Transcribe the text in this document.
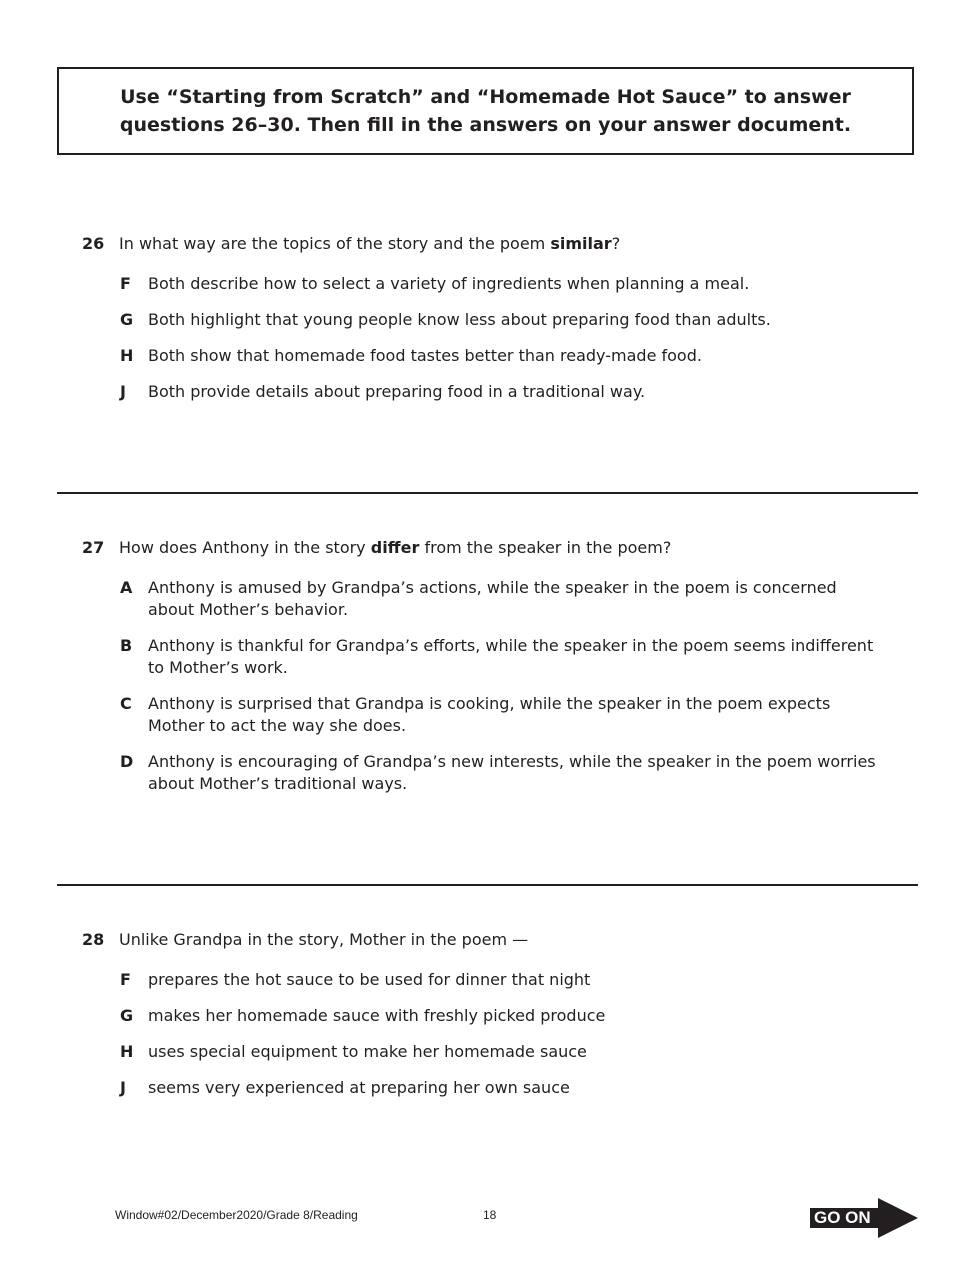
Use “Starting from Scratch” and “Homemade Hot Sauce” to answer
questions 26–30. Then fill in the answers on your answer document.
26 In what way are the topics of the story and the poem similar?
F Both describe how to select a variety of ingredients when planning a meal.
G Both highlight that young people know less about preparing food than adults.
H Both show that homemade food tastes better than ready-made food.
J Both provide details about preparing food in a traditional way.
27 How does Anthony in the story differ from the speaker in the poem?
A Anthony is amused by Grandpa’s actions, while the speaker in the poem is concerned
about Mother’s behavior.
B Anthony is thankful for Grandpa’s efforts, while the speaker in the poem seems indifferent
to Mother’s work.
C Anthony is surprised that Grandpa is cooking, while the speaker in the poem expects
Mother to act the way she does.
D Anthony is encouraging of Grandpa’s new interests, while the speaker in the poem worries
about Mother’s traditional ways.
28 Unlike Grandpa in the story, Mother in the poem —
F prepares the hot sauce to be used for dinner that night
G makes her homemade sauce with freshly picked produce
H uses special equipment to make her homemade sauce
J seems very experienced at preparing her own sauce
Window#02/December2020/Grade 8/Reading	18	GO ON
